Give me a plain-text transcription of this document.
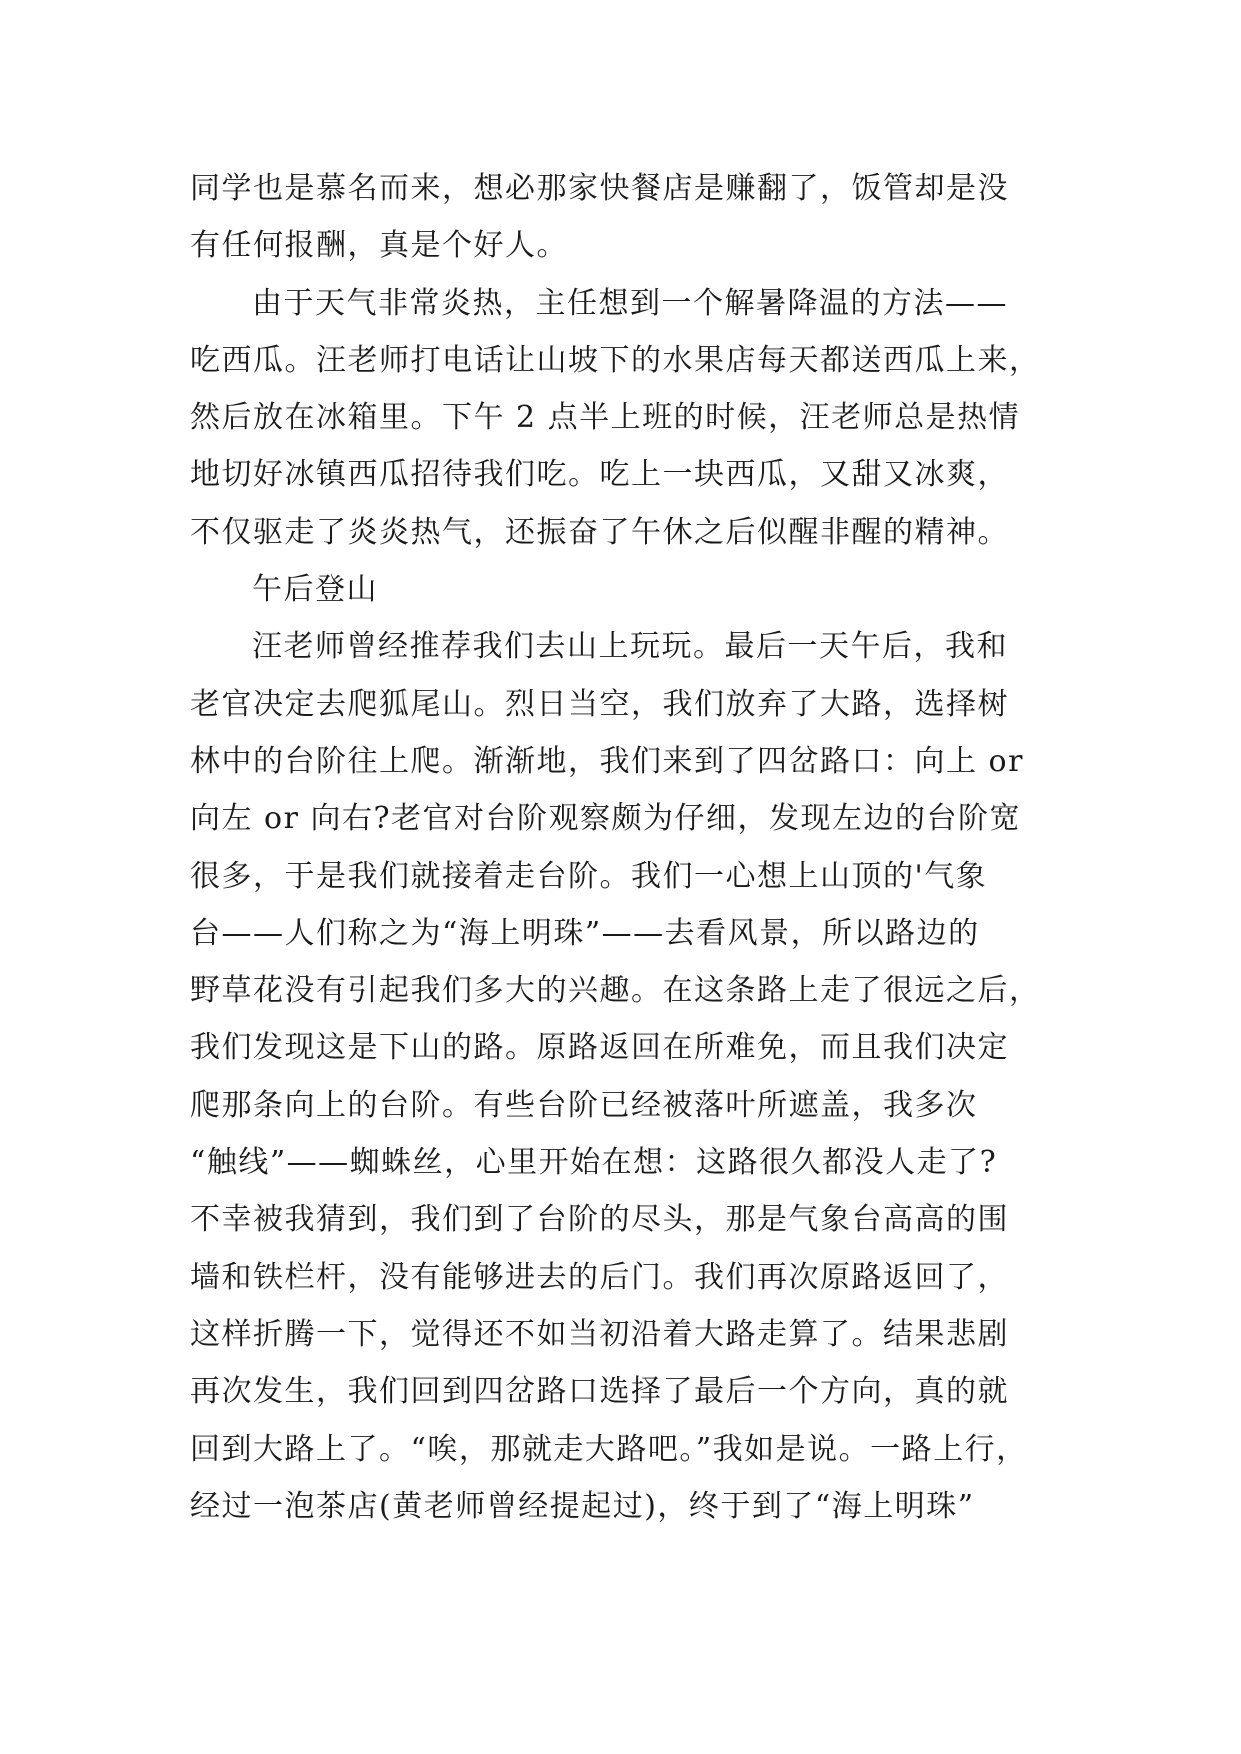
同学也是慕名而来，想必那家快餐店是赚翻了，饭管却是没
有任何报酬，真是个好人。
由于天气非常炎热，主任想到一个解暑降温的方法——
吃西瓜。汪老师打电话让山坡下的水果店每天都送西瓜上来，
然后放在冰箱里。下午 2 点半上班的时候，汪老师总是热情
地切好冰镇西瓜招待我们吃。吃上一块西瓜，又甜又冰爽，
不仅驱走了炎炎热气，还振奋了午休之后似醒非醒的精神。
午后登山
汪老师曾经推荐我们去山上玩玩。最后一天午后，我和
老官决定去爬狐尾山。烈日当空，我们放弃了大路，选择树
林中的台阶往上爬。渐渐地，我们来到了四岔路口：向上 or
向左 or 向右?老官对台阶观察颇为仔细，发现左边的台阶宽
很多，于是我们就接着走台阶。我们一心想上山顶的'气象
台——人们称之为“海上明珠”——去看风景，所以路边的
野草花没有引起我们多大的兴趣。在这条路上走了很远之后，
我们发现这是下山的路。原路返回在所难免，而且我们决定
爬那条向上的台阶。有些台阶已经被落叶所遮盖，我多次
“触线”——蜘蛛丝，心里开始在想：这路很久都没人走了?
不幸被我猜到，我们到了台阶的尽头，那是气象台高高的围
墙和铁栏杆，没有能够进去的后门。我们再次原路返回了，
这样折腾一下，觉得还不如当初沿着大路走算了。结果悲剧
再次发生，我们回到四岔路口选择了最后一个方向，真的就
回到大路上了。“唉，那就走大路吧。”我如是说。一路上行，
经过一泡茶店(黄老师曾经提起过)，终于到了“海上明珠”
